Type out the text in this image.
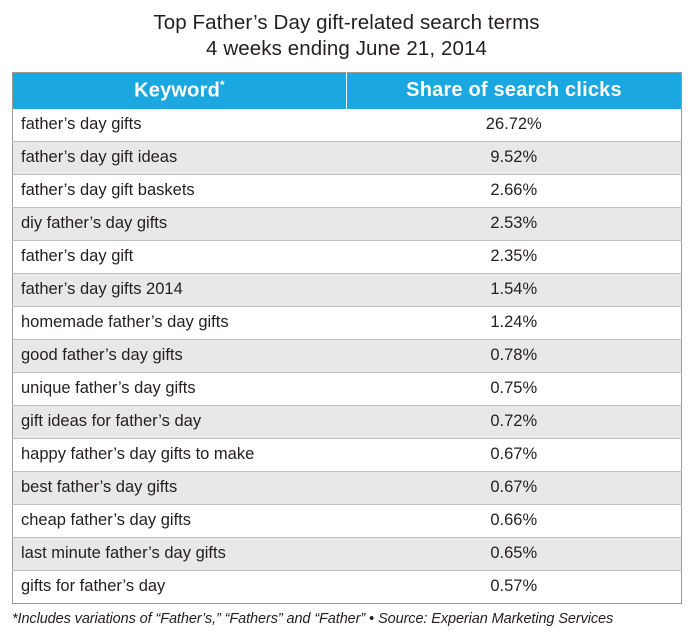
Top Father’s Day gift-related search terms
4 weeks ending June 21, 2014
Keyword*	Share of search clicks
father’s day gifts	26.72%
father’s day gift ideas	9.52%
father’s day gift baskets	2.66%
diy father’s day gifts	2.53%
father’s day gift	2.35%
father’s day gifts 2014	1.54%
homemade father’s day gifts	1.24%
good father’s day gifts	0.78%
unique father’s day gifts	0.75%
gift ideas for father’s day	0.72%
happy father’s day gifts to make	0.67%
best father’s day gifts	0.67%
cheap father’s day gifts	0.66%
last minute father’s day gifts	0.65%
gifts for father’s day	0.57%
*Includes variations of “Father’s,” “Fathers” and “Father” • Source: Experian Marketing Services
